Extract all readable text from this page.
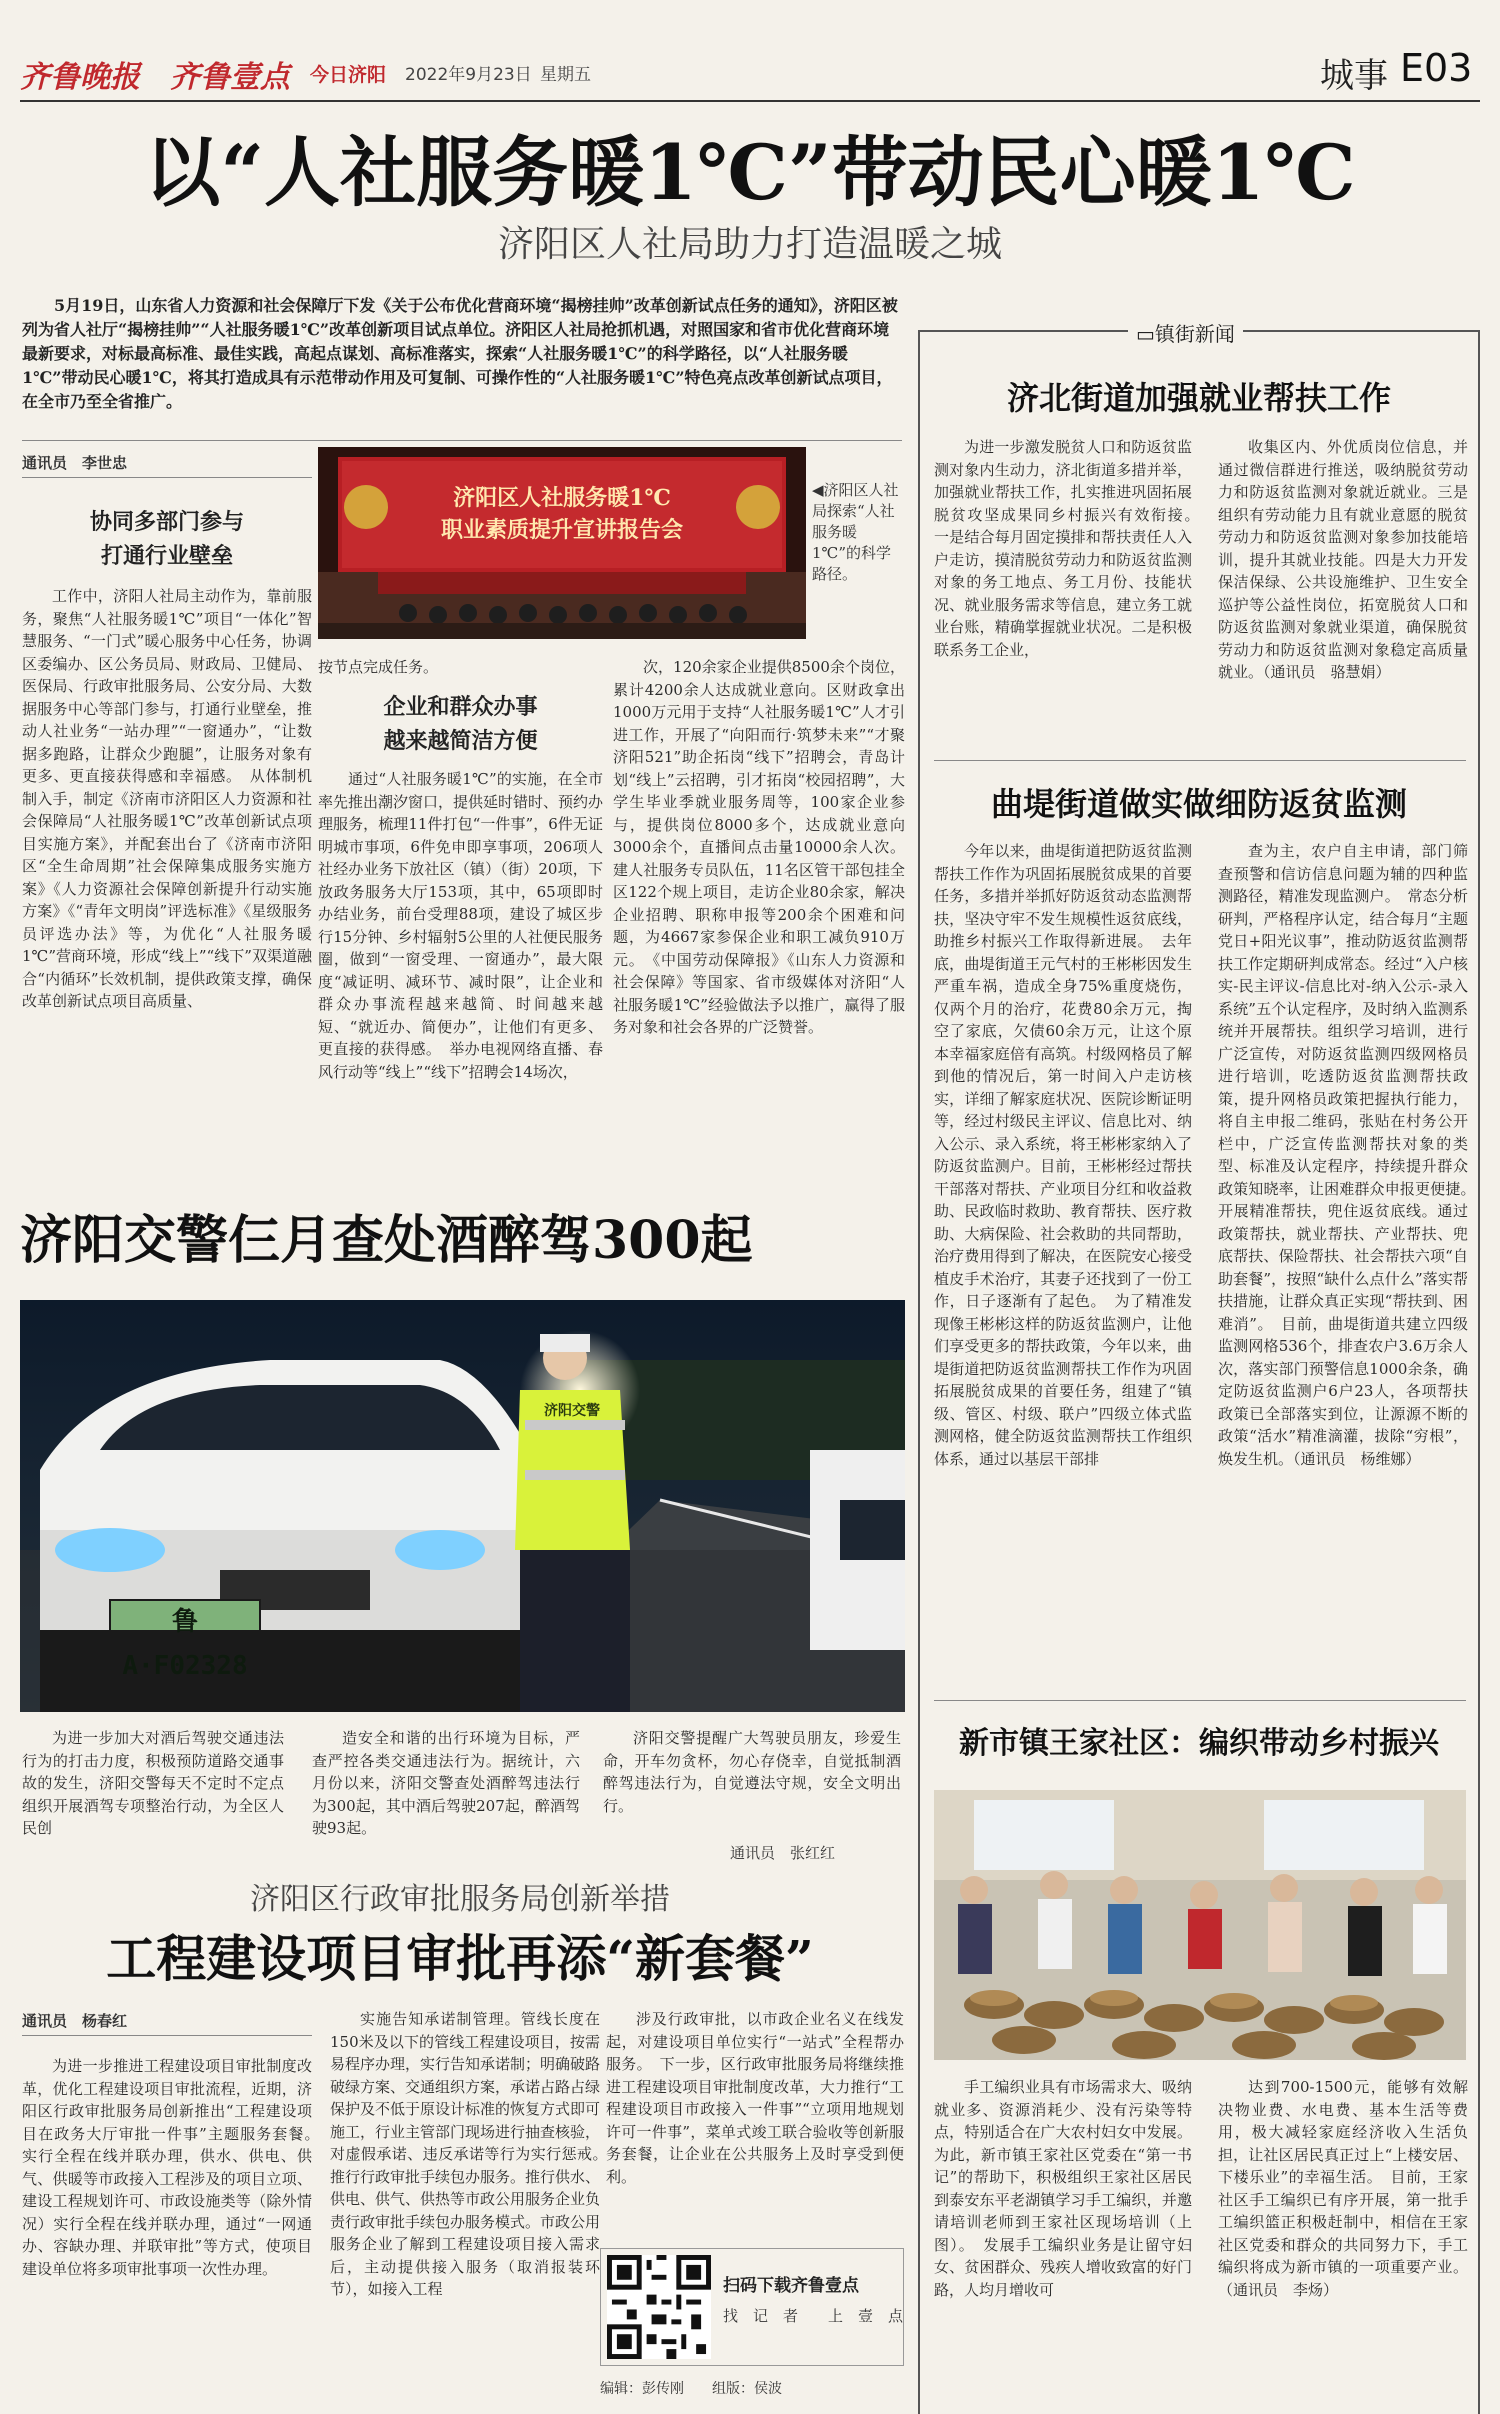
齐鲁晚报 齐鲁壹点 今日济阳 2022年9月23日 星期五	城事 E03
以“人社服务暖1℃”带动民心暖1℃
济阳区人社局助力打造温暖之城
5月19日，山东省人力资源和社会保障厅下发《关于公布优化营商环境“揭榜挂帅”改革创新试点任务的通知》，济阳区被列为省人社厅“揭榜挂帅”“人社服务暖1℃”改革创新项目试点单位。济阳区人社局抢抓机遇，对照国家和省市优化营商环境最新要求，对标最高标准、最佳实践，高起点谋划、高标准落实，探索“人社服务暖1℃”的科学路径，以“人社服务暖1℃”带动民心暖1℃，将其打造成具有示范带动作用及可复制、可操作性的“人社服务暖1℃”特色亮点改革创新试点项目，在全市乃至全省推广。
通讯员　李世忠
协同多部门参与
打通行业壁垒

工作中，济阳人社局主动作为，靠前服务，聚焦“人社服务暖1℃”项目“一体化”智慧服务、“一门式”暖心服务中心任务，协调区委编办、区公务员局、财政局、卫健局、医保局、行政审批服务局、公安分局、大数据服务中心等部门参与，打通行业壁垒，推动人社业务“一站办理”“一窗通办”，“让数据多跑路，让群众少跑腿”，让服务对象有更多、更直接获得感和幸福感。　从体制机制入手，制定《济南市济阳区人力资源和社会保障局“人社服务暖1℃”改革创新试点项目实施方案》，并配套出台了《济南市济阳区“全生命周期”社会保障集成服务实施方案》《人力资源社会保障创新提升行动实施方案》《“青年文明岗”评选标准》《星级服务员评选办法》等，为优化“人社服务暖1℃”营商环境，形成“线上”“线下”双渠道融合“内循环”长效机制，提供政策支撑，确保改革创新试点项目高质量、

济阳区人社服务暖1℃
职业素质提升宣讲报告会
◀济阳区人社局探索“人社服务暖1℃”的科学路径。
按节点完成任务。
企业和群众办事
越来越简洁方便

通过“人社服务暖1℃”的实施，在全市率先推出潮汐窗口，提供延时错时、预约办理服务，梳理11件打包“一件事”，6件无证明城市事项，6件免申即享事项，206项人社经办业务下放社区（镇）（街）20项，下放政务服务大厅153项，其中，65项即时办结业务，前台受理88项，建设了城区步行15分钟、乡村辐射5公里的人社便民服务圈，做到“一窗受理、一窗通办”，最大限度“减证明、减环节、减时限”，让企业和群众办事流程越来越简、时间越来越短、“就近办、简便办”，让他们有更多、更直接的获得感。　举办电视网络直播、春风行动等“线上”“线下”招聘会14场次，

次，120余家企业提供8500余个岗位，累计4200余人达成就业意向。区财政拿出1000万元用于支持“人社服务暖1℃”人才引进工作，开展了“向阳而行·筑梦未来”“才聚济阳521”助企拓岗“线下”招聘会，青岛计划“线上”云招聘，引才拓岗“校园招聘”，大学生毕业季就业服务周等，100家企业参与，提供岗位8000多个，达成就业意向3000余个，直播间点击量10000余人次。建人社服务专员队伍，11名区管干部包挂全区122个规上项目，走访企业80余家，解决企业招聘、职称申报等200余个困难和问题，为4667家参保企业和职工减负910万元。　《中国劳动保障报》《山东人力资源和社会保障》等国家、省市级媒体对济阳“人社服务暖1℃”经验做法予以推广，赢得了服务对象和社会各界的广泛赞誉。

济阳交警仨月查处酒醉驾300起
鲁A·F02328
济阳交警

为进一步加大对酒后驾驶交通违法行为的打击力度，积极预防道路交通事故的发生，济阳交警每天不定时不定点组织开展酒驾专项整治行动，为全区人民创

造安全和谐的出行环境为目标，严查严控各类交通违法行为。据统计，六月份以来，济阳交警查处酒醉驾违法行为300起，其中酒后驾驶207起，醉酒驾驶93起。

济阳交警提醒广大驾驶员朋友，珍爱生命，开车勿贪杯，勿心存侥幸，自觉抵制酒醉驾违法行为，自觉遵法守规，安全文明出行。

通讯员　张红红
济阳区行政审批服务局创新举措
工程建设项目审批再添“新套餐”
通讯员　杨春红

为进一步推进工程建设项目审批制度改革，优化工程建设项目审批流程，近期，济阳区行政审批服务局创新推出“工程建设项目在政务大厅审批一件事”主题服务套餐。　实行全程在线并联办理，供水、供电、供气、供暖等市政接入工程涉及的项目立项、建设工程规划许可、市政设施类等（除外情况）实行全程在线并联办理，通过“一网通办、容缺办理、并联审批”等方式，使项目建设单位将多项审批事项一次性办理。

实施告知承诺制管理。管线长度在150米及以下的管线工程建设项目，按需易程序办理，实行告知承诺制；明确破路破绿方案、交通组织方案，承诺占路占绿保护及不低于原设计标准的恢复方式即可施工，行业主管部门现场进行抽查核验，对虚假承诺、违反承诺等行为实行惩戒。　推行行政审批手续包办服务。推行供水、供电、供气、供热等市政公用服务企业负责行政审批手续包办服务模式。市政公用服务企业了解到工程建设项目接入需求后，主动提供接入服务（取消报装环节），如接入工程

涉及行政审批，以市政企业名义在线发起，对建设项目单位实行“一站式”全程帮办服务。　下一步，区行政审批服务局将继续推进工程建设项目审批制度改革，大力推行“工程建设项目市政接入一件事”“立项用地规划许可一件事”，菜单式竣工联合验收等创新服务套餐，让企业在公共服务上及时享受到便利。

扫码下载齐鲁壹点
找　记　者　　上　壹　点
编辑：彭传刚　　组版：侯波
▭镇街新闻
济北街道加强就业帮扶工作

为进一步激发脱贫人口和防返贫监测对象内生动力，济北街道多措并举，加强就业帮扶工作，扎实推进巩固拓展脱贫攻坚成果同乡村振兴有效衔接。　一是结合每月固定摸排和帮扶责任人入户走访，摸清脱贫劳动力和防返贫监测对象的务工地点、务工月份、技能状况、就业服务需求等信息，建立务工就业台账，精确掌握就业状况。二是积极联系务工企业，

收集区内、外优质岗位信息，并通过微信群进行推送，吸纳脱贫劳动力和防返贫监测对象就近就业。三是组织有劳动能力且有就业意愿的脱贫劳动力和防返贫监测对象参加技能培训，提升其就业技能。四是大力开发保洁保绿、公共设施维护、卫生安全巡护等公益性岗位，拓宽脱贫人口和防返贫监测对象就业渠道，确保脱贫劳动力和防返贫监测对象稳定高质量就业。（通讯员　骆慧娟）

曲堤街道做实做细防返贫监测

今年以来，曲堤街道把防返贫监测帮扶工作作为巩固拓展脱贫成果的首要任务，多措并举抓好防返贫动态监测帮扶，坚决守牢不发生规模性返贫底线，助推乡村振兴工作取得新进展。　去年底，曲堤街道王元气村的王彬彬因发生严重车祸，造成全身75%重度烧伤，仅两个月的治疗，花费80余万元，掏空了家底，欠债60余万元，让这个原本幸福家庭倍有高筑。村级网格员了解到他的情况后，第一时间入户走访核实，详细了解家庭状况、医院诊断证明等，经过村级民主评议、信息比对、纳入公示、录入系统，将王彬彬家纳入了防返贫监测户。目前，王彬彬经过帮扶干部落对帮扶、产业项目分红和收益救助、民政临时救助、教育帮扶、医疗救助、大病保险、社会救助的共同帮助，治疗费用得到了解决，在医院安心接受植皮手术治疗，其妻子还找到了一份工作，日子逐渐有了起色。　为了精准发现像王彬彬这样的防返贫监测户，让他们享受更多的帮扶政策，今年以来，曲堤街道把防返贫监测帮扶工作作为巩固拓展脱贫成果的首要任务，组建了“镇级、管区、村级、联户”四级立体式监测网格，健全防返贫监测帮扶工作组织体系，通过以基层干部排

查为主，农户自主申请，部门筛查预警和信访信息问题为辅的四种监测路径，精准发现监测户。　常态分析研判，严格程序认定，结合每月“主题党日+阳光议事”，推动防返贫监测帮扶工作定期研判成常态。经过“入户核实-民主评议-信息比对-纳入公示-录入系统”五个认定程序，及时纳入监测系统并开展帮扶。组织学习培训，进行广泛宣传，对防返贫监测四级网格员进行培训，吃透防返贫监测帮扶政策，提升网格员政策把握执行能力，将自主申报二维码，张贴在村务公开栏中，广泛宣传监测帮扶对象的类型、标准及认定程序，持续提升群众政策知晓率，让困难群众申报更便捷。　开展精准帮扶，兜住返贫底线。通过政策帮扶，就业帮扶、产业帮扶、兜底帮扶、保险帮扶、社会帮扶六项“自助套餐”，按照“缺什么点什么”落实帮扶措施，让群众真正实现“帮扶到、困难消”。　目前，曲堤街道共建立四级监测网格536个，排查农户3.6万余人次，落实部门预警信息1000余条，确定防返贫监测户6户23人，各项帮扶政策已全部落实到位，让源源不断的政策“活水”精准滴灌，拔除“穷根”，焕发生机。（通讯员　杨维娜）

新市镇王家社区：编织带动乡村振兴

手工编织业具有市场需求大、吸纳就业多、资源消耗少、没有污染等特点，特别适合在广大农村妇女中发展。为此，新市镇王家社区党委在“第一书记”的帮助下，积极组织王家社区居民到泰安东平老湖镇学习手工编织，并邀请培训老师到王家社区现场培训（上图）。　发展手工编织业务是让留守妇女、贫困群众、残疾人增收致富的好门路，人均月增收可

达到700-1500元，能够有效解决物业费、水电费、基本生活等费用，极大减轻家庭经济收入生活负担，让社区居民真正过上“上楼安居、下楼乐业”的幸福生活。　目前，王家社区手工编织已有序开展，第一批手工编织篮正积极赶制中，相信在王家社区党委和群众的共同努力下，手工编织将成为新市镇的一项重要产业。（通讯员　李炀）
